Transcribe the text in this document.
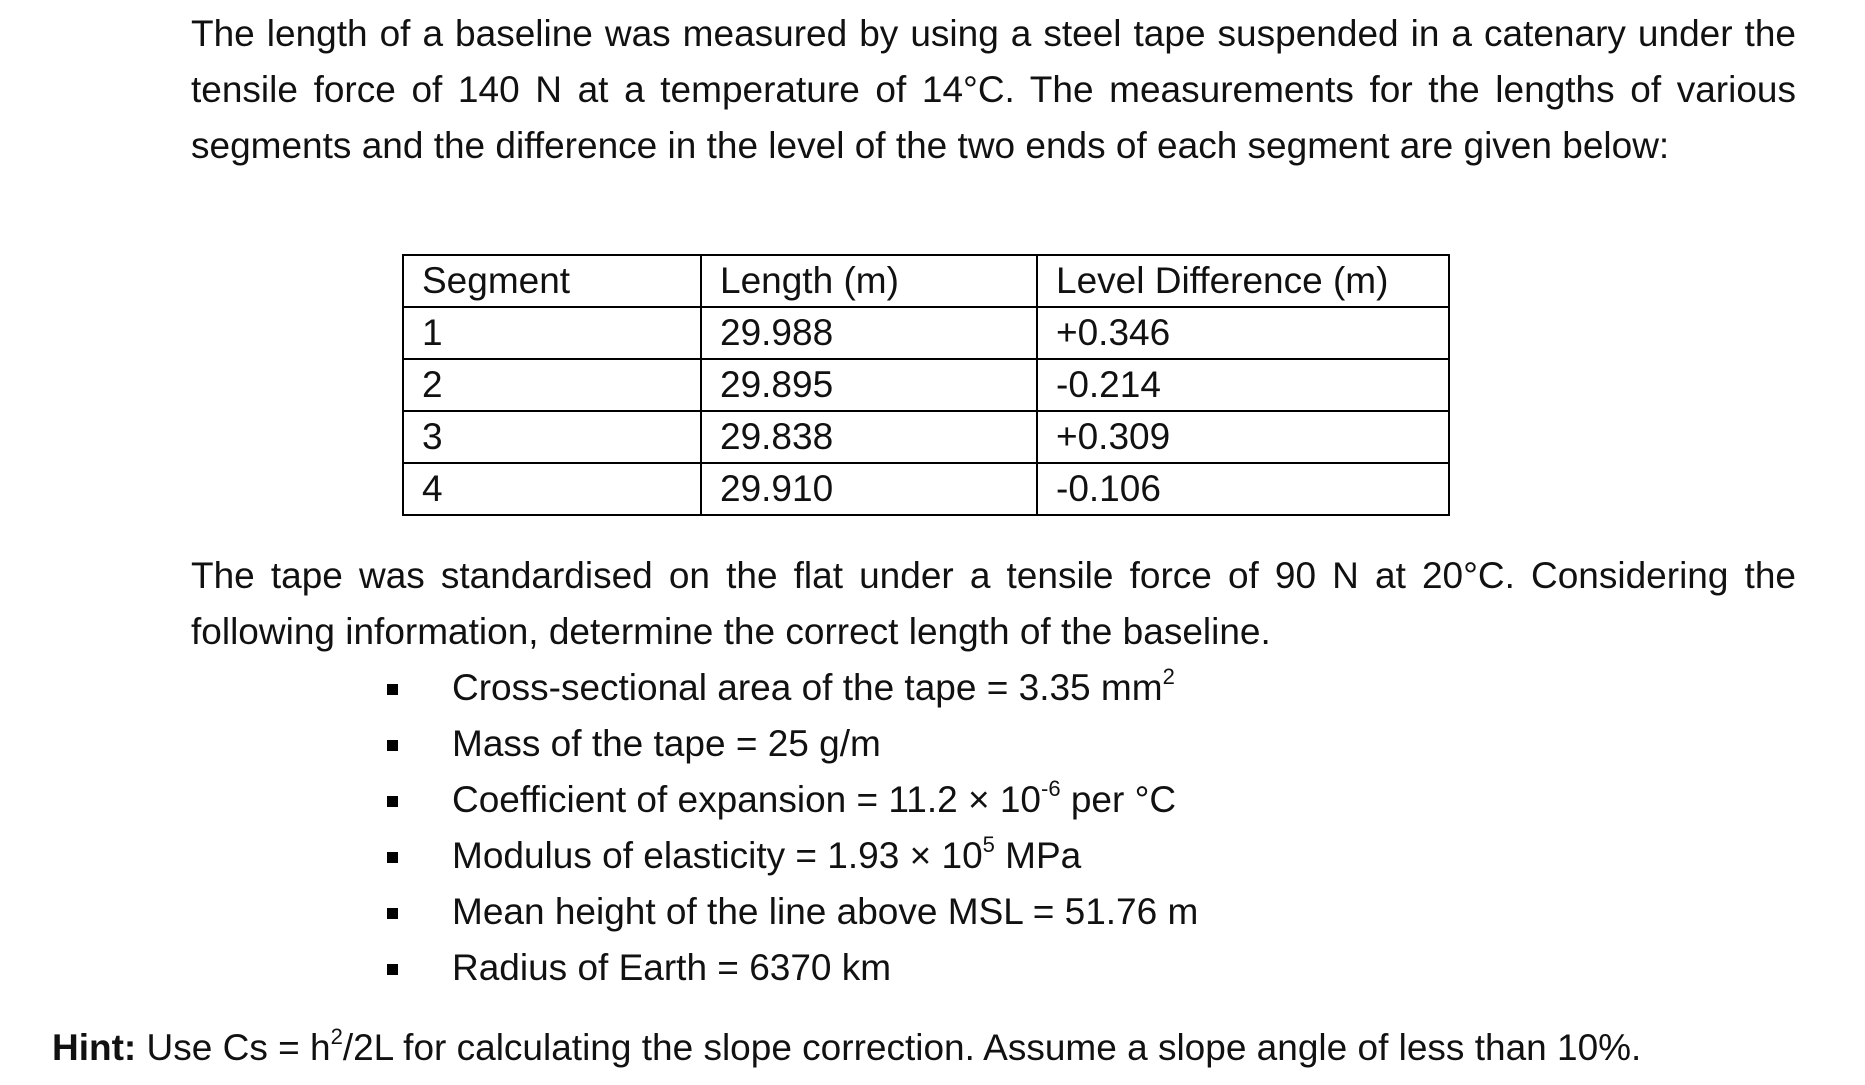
The length of a baseline was measured by using a steel tape suspended in a catenary under the tensile force of 140 N at a temperature of 14°C. The measurements for the lengths of various segments and the difference in the level of the two ends of each segment are given below:

Segment	Length (m)	Level Difference (m)
1	29.988	+0.346
2	29.895	-0.214
3	29.838	+0.309
4	29.910	-0.106

The tape was standardised on the flat under a tensile force of 90 N at 20°C. Considering the following information, determine the correct length of the baseline.

Cross-sectional area of the tape = 3.35 $mm^2$
Mass of the tape = 25 g/m
Coefficient of expansion = $11.2 \times 10^{-6}$ per °C
Modulus of elasticity = $1.93 \times 10^5$ MPa
Mean height of the line above MSL = 51.76 m
Radius of Earth = 6370 km

Hint: Use $Cs = h^2/2L$ for calculating the slope correction. Assume a slope angle of less than 10%.
